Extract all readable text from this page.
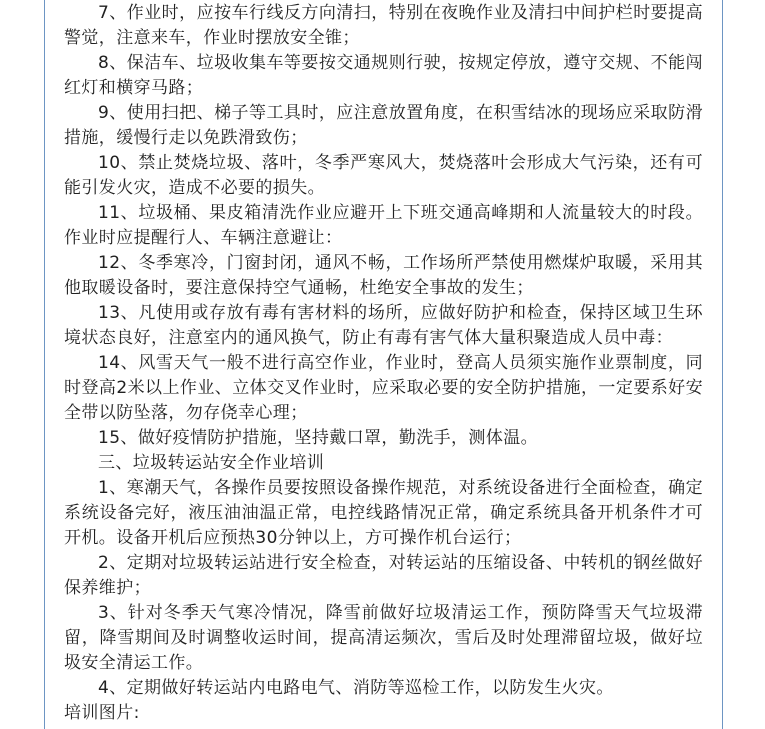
7、作业时，应按车行线反方向清扫，特别在夜晚作业及清扫中间护栏时要提高警觉，注意来车，作业时摆放安全锥；

8、保洁车、垃圾收集车等要按交通规则行驶，按规定停放，遵守交规、不能闯红灯和横穿马路；

9、使用扫把、梯子等工具时，应注意放置角度，在积雪结冰的现场应采取防滑措施，缓慢行走以免跌滑致伤；

10、禁止焚烧垃圾、落叶，冬季严寒风大，焚烧落叶会形成大气污染，还有可能引发火灾，造成不必要的损失。

11、垃圾桶、果皮箱清洗作业应避开上下班交通高峰期和人流量较大的时段。作业时应提醒行人、车辆注意避让：

12、冬季寒冷，门窗封闭，通风不畅，工作场所严禁使用燃煤炉取暖，采用其他取暖设备时，要注意保持空气通畅，杜绝安全事故的发生；

13、凡使用或存放有毒有害材料的场所，应做好防护和检查，保持区域卫生环境状态良好，注意室内的通风换气，防止有毒有害气体大量积聚造成人员中毒：

14、风雪天气一般不进行高空作业，作业时，登高人员须实施作业票制度，同时登高2米以上作业、立体交叉作业时，应采取必要的安全防护措施，一定要系好安全带以防坠落，勿存侥幸心理；

15、做好疫情防护措施，坚持戴口罩，勤洗手，测体温。

三、垃圾转运站安全作业培训

1、寒潮天气，各操作员要按照设备操作规范，对系统设备进行全面检查，确定系统设备完好，液压油油温正常，电控线路情况正常，确定系统具备开机条件才可开机。设备开机后应预热30分钟以上，方可操作机台运行；

2、定期对垃圾转运站进行安全检查，对转运站的压缩设备、中转机的钢丝做好保养维护；

3、针对冬季天气寒冷情况，降雪前做好垃圾清运工作，预防降雪天气垃圾滞留，降雪期间及时调整收运时间，提高清运频次，雪后及时处理滞留垃圾，做好垃圾安全清运工作。

4、定期做好转运站内电路电气、消防等巡检工作，以防发生火灾。

培训图片:
